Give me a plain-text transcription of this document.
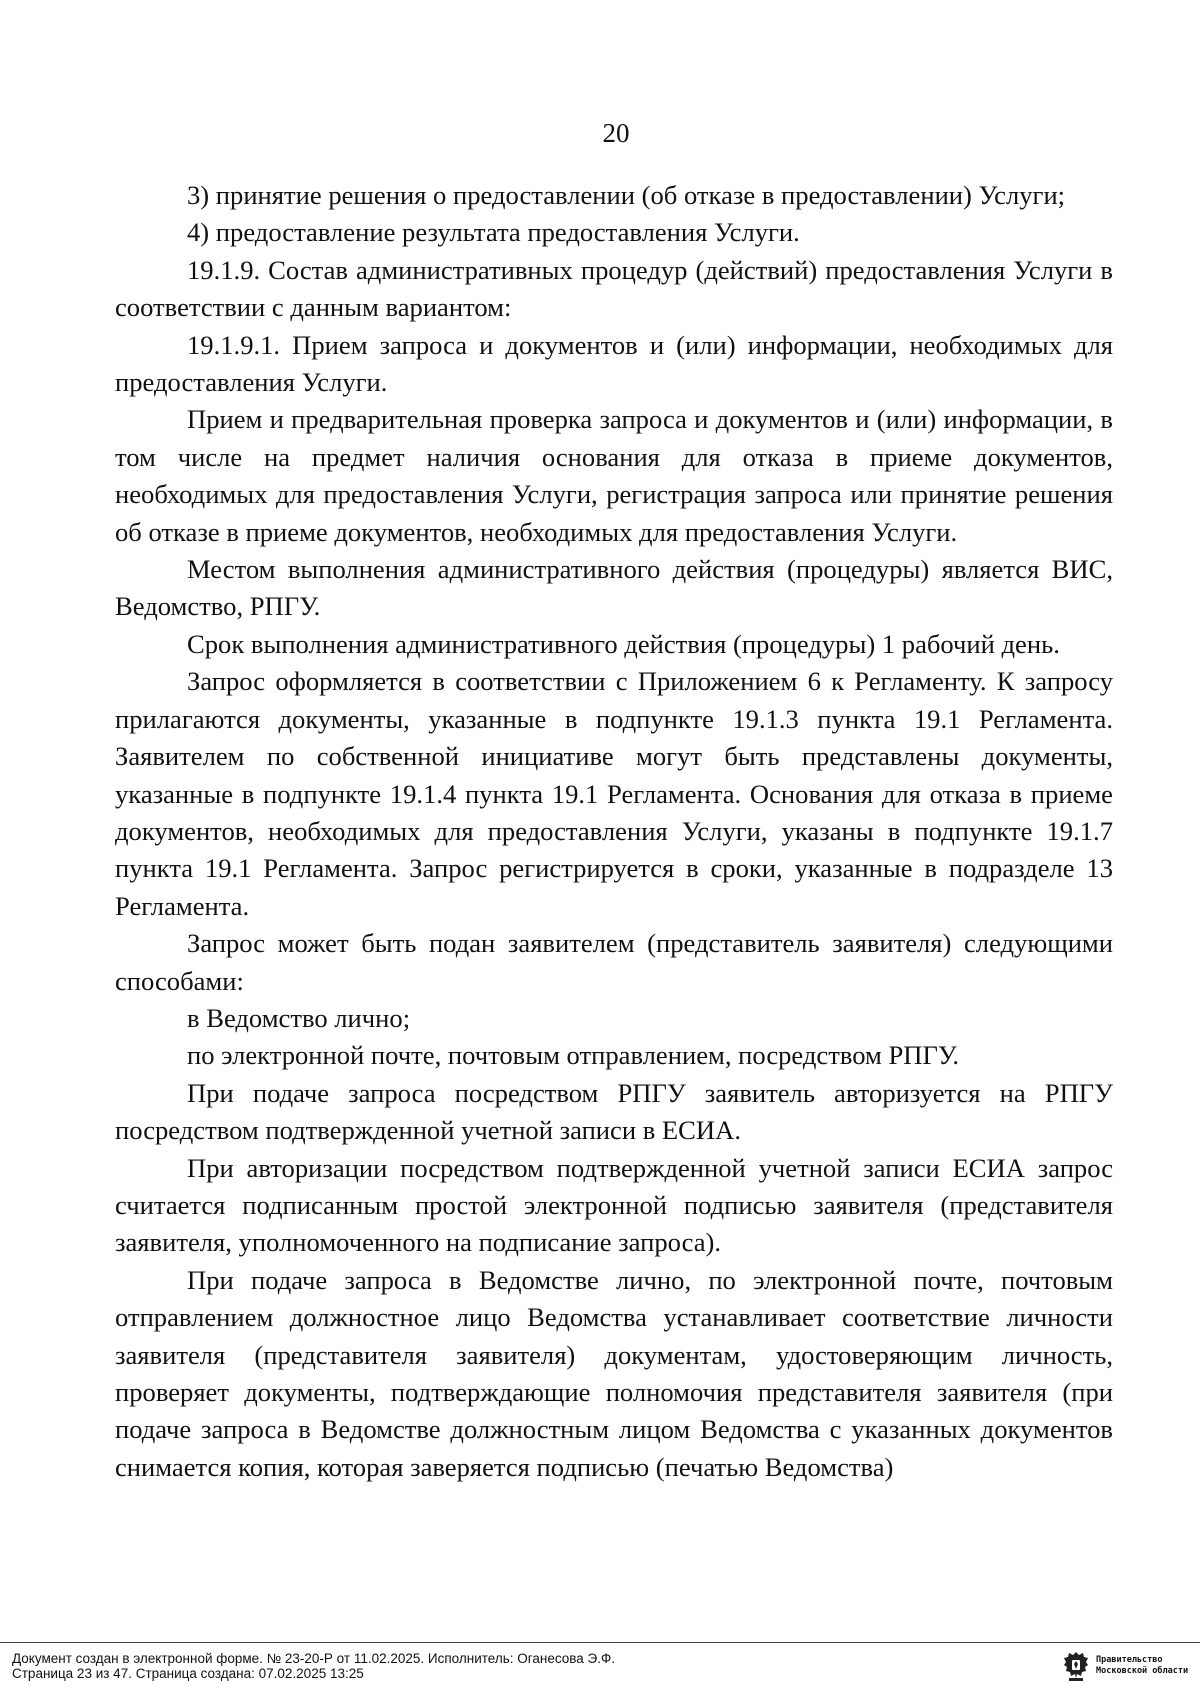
20

3) принятие решения о предоставлении (об отказе в предоставлении) Услуги;

4) предоставление результата предоставления Услуги.

19.1.9. Состав административных процедур (действий) предоставления Услуги в соответствии с данным вариантом:

19.1.9.1. Прием запроса и документов и (или) информации, необходимых для предоставления Услуги.

Прием и предварительная проверка запроса и документов и (или) информации, в том числе на предмет наличия основания для отказа в приеме документов, необходимых для предоставления Услуги, регистрация запроса или принятие решения об отказе в приеме документов, необходимых для предоставления Услуги.

Местом выполнения административного действия (процедуры) является ВИС, Ведомство, РПГУ.

Срок выполнения административного действия (процедуры) 1 рабочий день.

Запрос оформляется в соответствии с Приложением 6 к Регламенту. К запросу прилагаются документы, указанные в подпункте 19.1.3 пункта 19.1 Регламента. Заявителем по собственной инициативе могут быть представлены документы, указанные в подпункте 19.1.4 пункта 19.1 Регламента. Основания для отказа в приеме документов, необходимых для предоставления Услуги, указаны в подпункте 19.1.7 пункта 19.1 Регламента. Запрос регистрируется в сроки, указанные в подразделе 13 Регламента.

Запрос может быть подан заявителем (представитель заявителя) следующими способами:

в Ведомство лично;

по электронной почте, почтовым отправлением, посредством РПГУ.

При подаче запроса посредством РПГУ заявитель авторизуется на РПГУ посредством подтвержденной учетной записи в ЕСИА.

При авторизации посредством подтвержденной учетной записи ЕСИА запрос считается подписанным простой электронной подписью заявителя (представителя заявителя, уполномоченного на подписание запроса).

При подаче запроса в Ведомстве лично, по электронной почте, почтовым отправлением должностное лицо Ведомства устанавливает соответствие личности заявителя (представителя заявителя) документам, удостоверяющим личность, проверяет документы, подтверждающие полномочия представителя заявителя (при подаче запроса в Ведомстве должностным лицом Ведомства с указанных документов снимается копия, которая заверяется подписью (печатью Ведомства)

Документ создан в электронной форме. № 23-20-Р от 11.02.2025. Исполнитель: Оганесова Э.Ф.
Страница 23 из 47. Страница создана: 07.02.2025 13:25
Правительство
Московской области
